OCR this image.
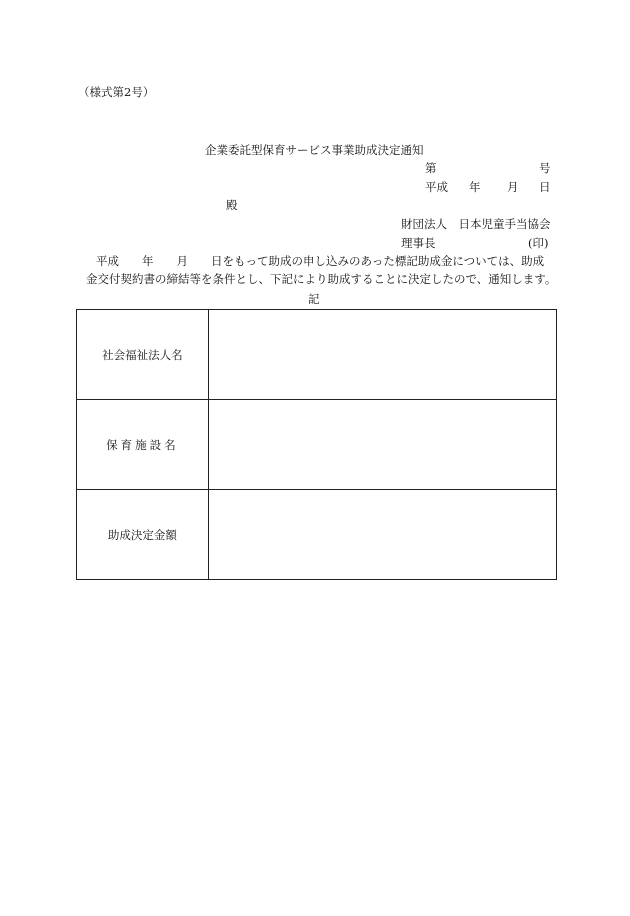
（様式第2号）
企業委託型保育サービス事業助成決定通知
第	号
平成 年 月 日
殿
財団法人　日本児童手当協会
理事長	(印)
平成　　年　　月　　日をもって助成の申し込みのあった標記助成金については、助成
金交付契約書の締結等を条件とし、下記により助成することに決定したので、通知します。
記
社会福祉法人名	
保育施設名	
助成決定金額	
